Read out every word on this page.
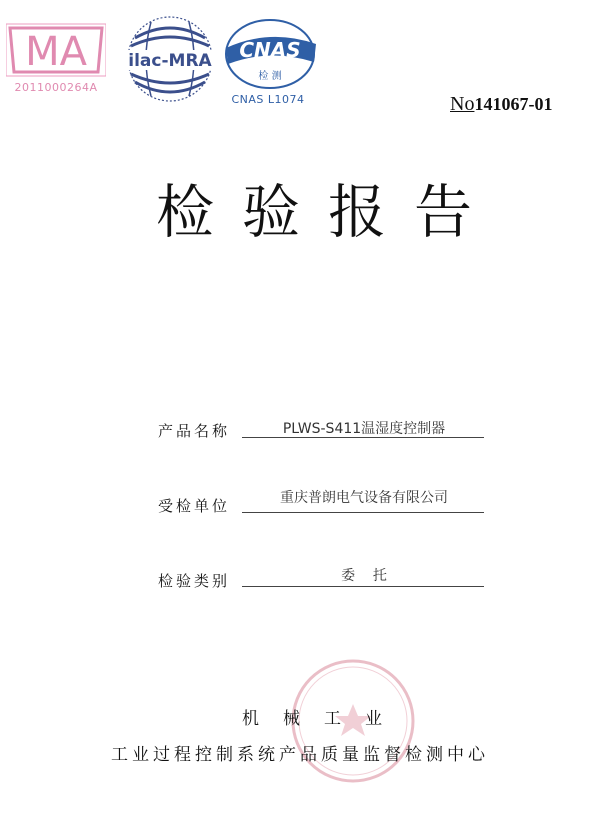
MA
2011000264A
ilac-MRA CNAS
检 测
CNAS L1074	No141067-01
检验报告
产品名称	PLWS-S411温湿度控制器
受检单位	重庆普朗电气设备有限公司
检验类别	委    托
机械工业
工业过程控制系统产品质量监督检测中心
